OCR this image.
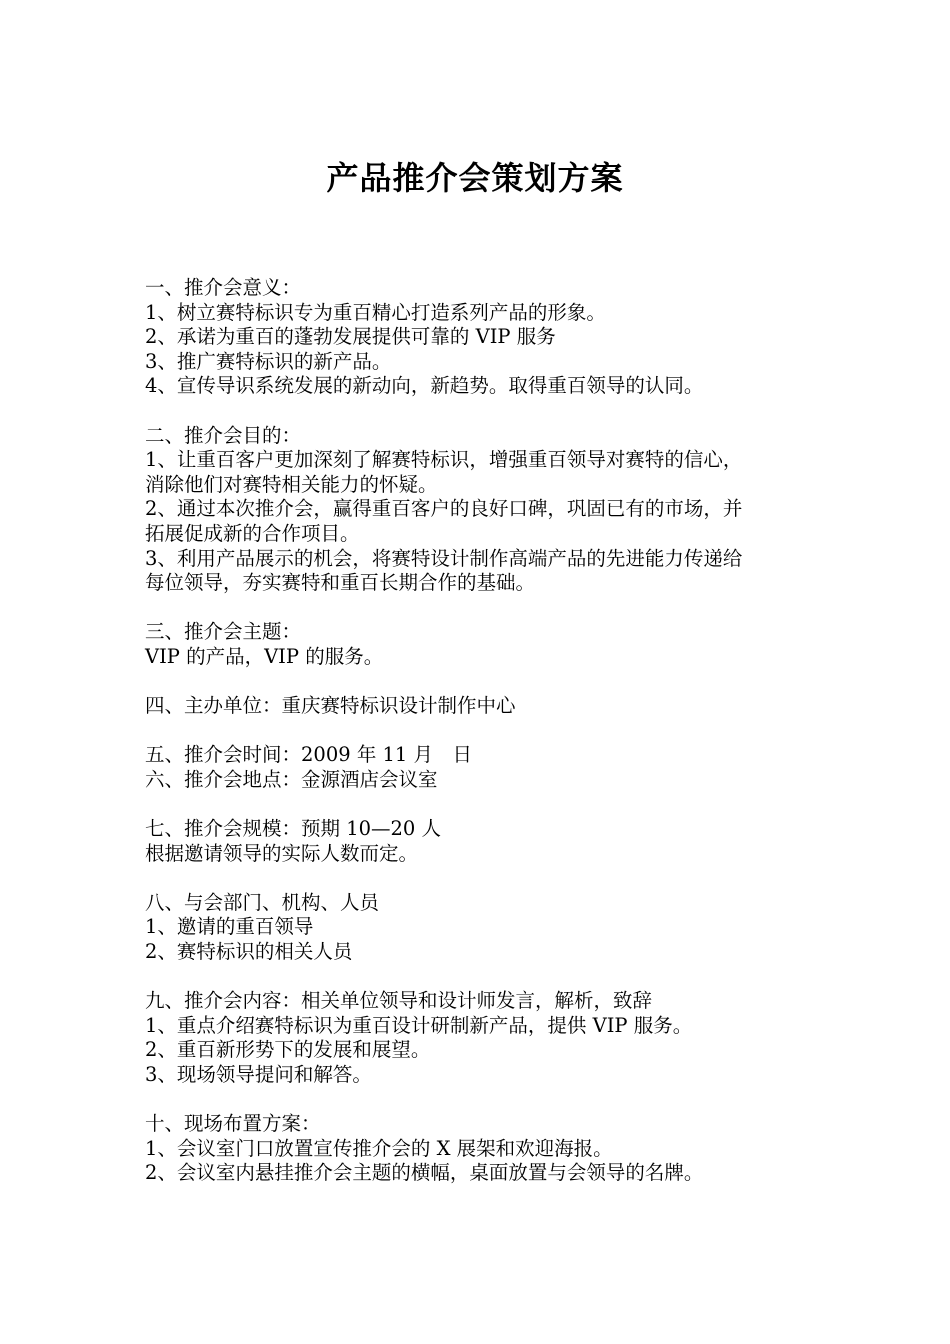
产品推介会策划方案
一、推介会意义：
1、树立赛特标识专为重百精心打造系列产品的形象。
2、承诺为重百的蓬勃发展提供可靠的 VIP 服务
3、推广赛特标识的新产品。
4、宣传导识系统发展的新动向，新趋势。取得重百领导的认同。
二、推介会目的：
1、让重百客户更加深刻了解赛特标识，增强重百领导对赛特的信心，
消除他们对赛特相关能力的怀疑。
2、通过本次推介会，赢得重百客户的良好口碑，巩固已有的市场，并
拓展促成新的合作项目。
3、利用产品展示的机会，将赛特设计制作高端产品的先进能力传递给
每位领导，夯实赛特和重百长期合作的基础。
三、推介会主题：
VIP 的产品，VIP 的服务。
四、主办单位：重庆赛特标识设计制作中心
五、推介会时间：2009 年 11 月　日
六、推介会地点：金源酒店会议室
七、推介会规模：预期 10—20 人
根据邀请领导的实际人数而定。
八、与会部门、机构、人员
1、邀请的重百领导
2、赛特标识的相关人员
九、推介会内容：相关单位领导和设计师发言，解析，致辞
1、重点介绍赛特标识为重百设计研制新产品，提供 VIP 服务。
2、重百新形势下的发展和展望。
3、现场领导提问和解答。
十、现场布置方案：
1、会议室门口放置宣传推介会的 X 展架和欢迎海报。
2、会议室内悬挂推介会主题的横幅，桌面放置与会领导的名牌。
